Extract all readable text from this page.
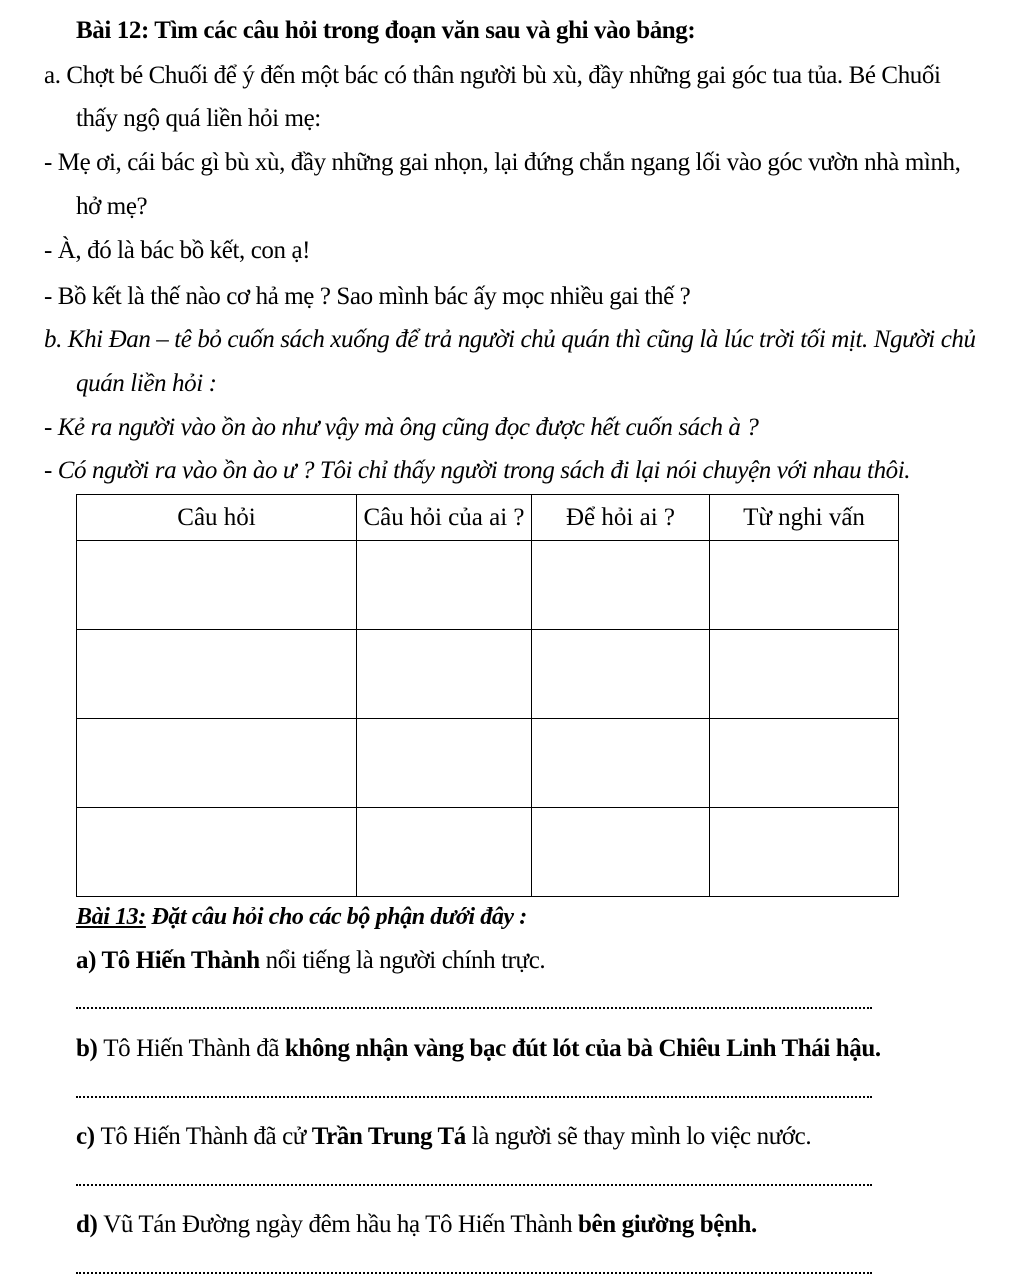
Bài 12: Tìm các câu hỏi trong đoạn văn sau và ghi vào bảng:
a. Chợt bé Chuối để ý đến một bác có thân người bù xù, đầy những gai góc tua tủa. Bé Chuối
thấy ngộ quá liền hỏi mẹ:
- Mẹ ơi, cái bác gì bù xù, đầy những gai nhọn, lại đứng chắn ngang lối vào góc vườn nhà mình,
hở mẹ?
- À, đó là bác bồ kết, con ạ!
- Bồ kết là thế nào cơ hả mẹ ? Sao mình bác ấy mọc nhiều gai thế ?
b. Khi Đan – tê bỏ cuốn sách xuống để trả người chủ quán thì cũng là lúc trời tối mịt. Người chủ
quán liền hỏi :
- Kẻ ra người vào ồn ào như vậy mà ông cũng đọc được hết cuốn sách à ?
- Có người ra vào ồn ào ư ? Tôi chỉ thấy người trong sách đi lại nói chuyện với nhau thôi.
Câu hỏi	Câu hỏi của ai ?	Để hỏi ai ?	Từ nghi vấn

Bài 13: Đặt câu hỏi cho các bộ phận dưới đây :
a) Tô Hiến Thành nổi tiếng là người chính trực.
b) Tô Hiến Thành đã không nhận vàng bạc đút lót của bà Chiêu Linh Thái hậu.
c) Tô Hiến Thành đã cử Trần Trung Tá là người sẽ thay mình lo việc nước.
d) Vũ Tán Đường ngày đêm hầu hạ Tô Hiến Thành bên giường bệnh.
